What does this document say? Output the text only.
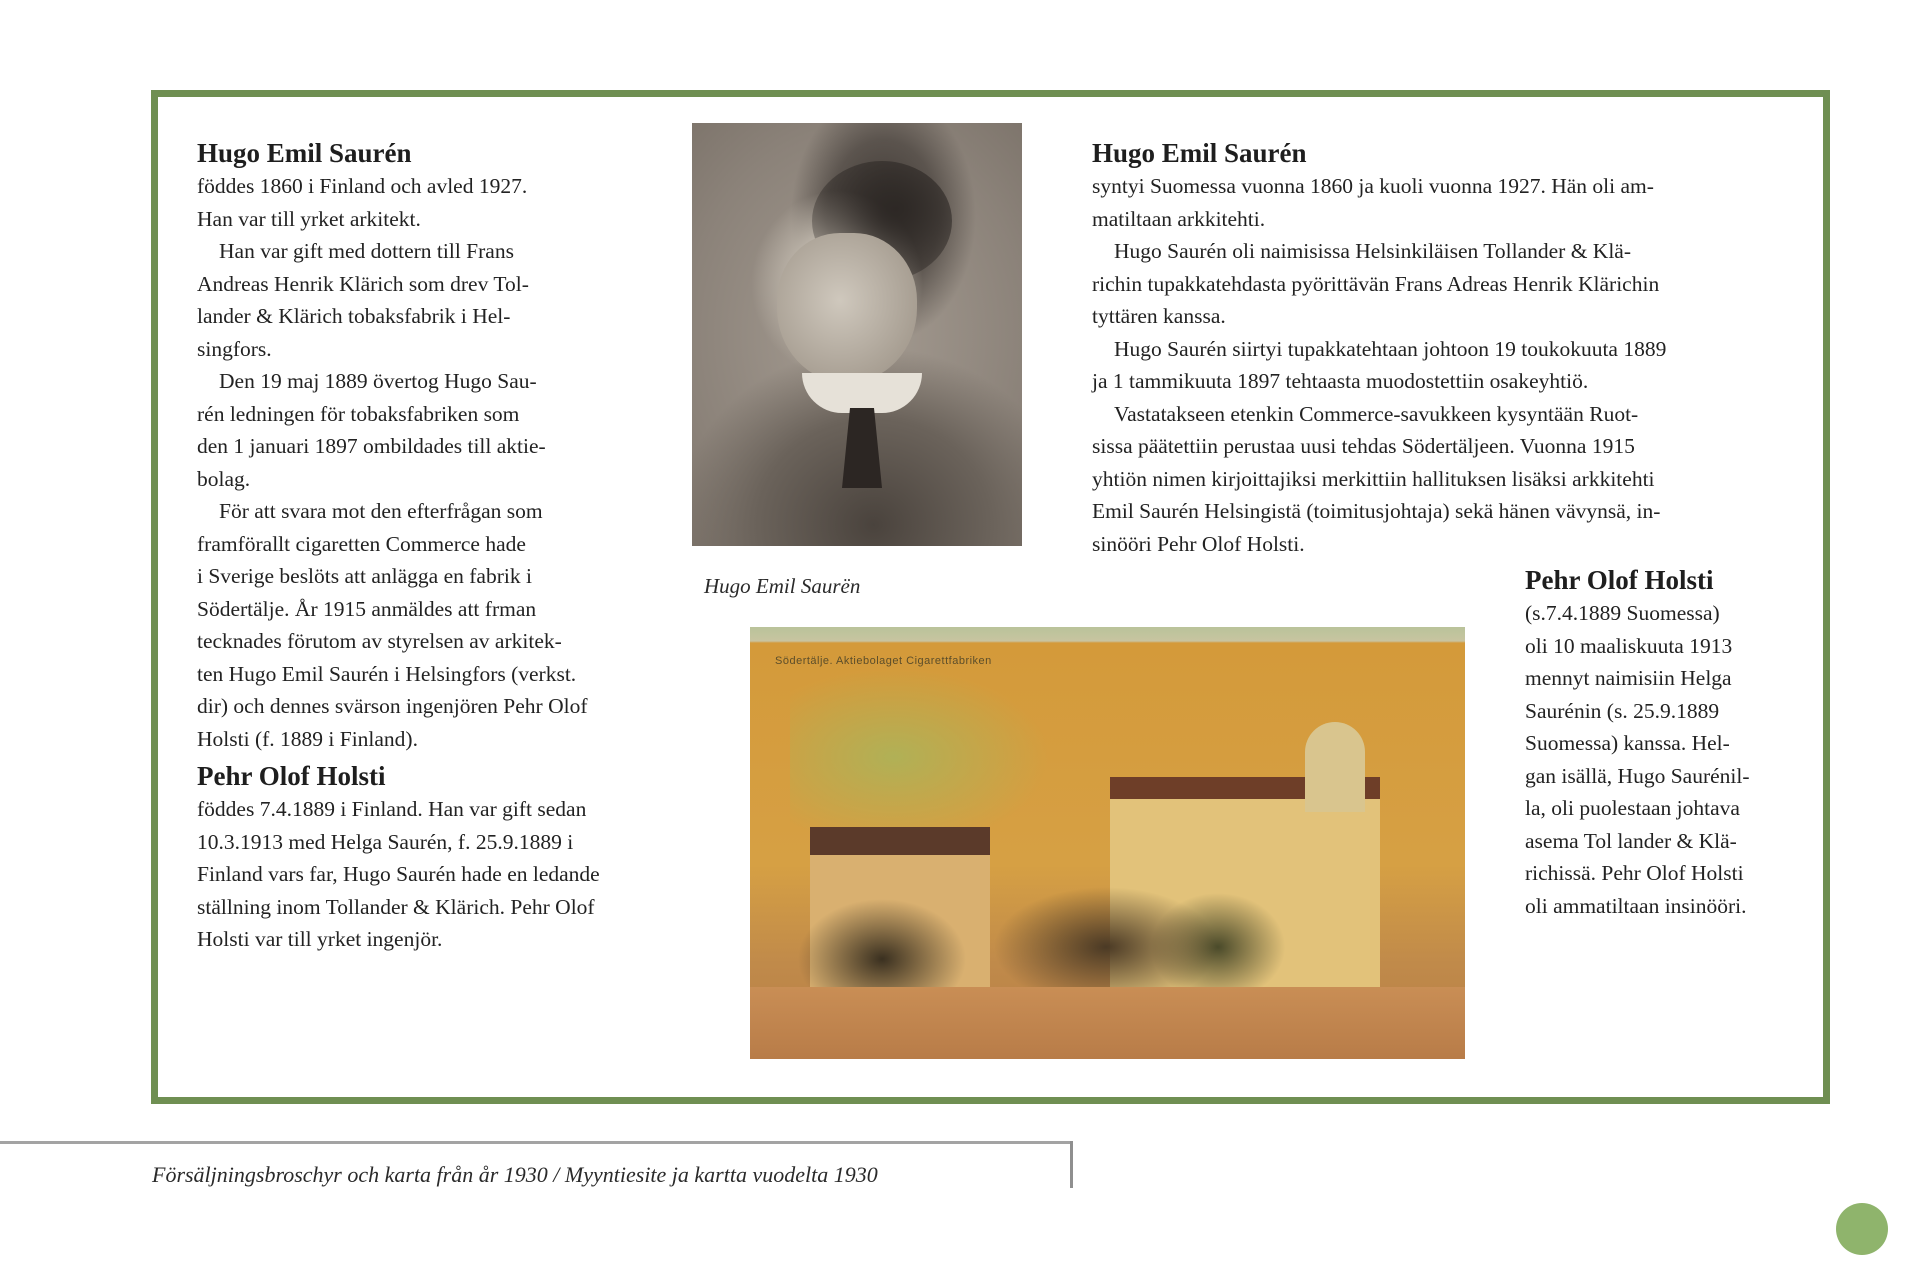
Hugo Emil Saurén
föddes 1860 i Finland och avled 1927.
Han var till yrket arkitekt.
Han var gift med dottern till Frans
Andreas Henrik Klärich som drev Tol-
lander & Klärich tobaksfabrik i Hel-
singfors.
Den 19 maj 1889 övertog Hugo Sau-
rén ledningen för tobaksfabriken som
den 1 januari 1897 ombildades till aktie-
bolag.
För att svara mot den efterfrågan som
framförallt cigaretten Commerce hade
i Sverige beslöts att anlägga en fabrik i
Södertälje. År 1915 anmäldes att frman
tecknades förutom av styrelsen av arkitek-
ten Hugo Emil Saurén i Helsingfors (verkst.
dir) och dennes svärson ingenjören Pehr Olof
Holsti (f. 1889 i Finland).
Pehr Olof Holsti
föddes 7.4.1889 i Finland. Han var gift sedan
10.3.1913 med Helga Saurén, f. 25.9.1889 i
Finland vars far, Hugo Saurén hade en ledande
ställning inom Tollander & Klärich. Pehr Olof
Holsti var till yrket ingenjör.
Hugo Emil Saurën
Hugo Emil Saurén
syntyi Suomessa vuonna 1860 ja kuoli vuonna 1927. Hän oli am-
matiltaan arkkitehti.
Hugo Saurén oli naimisissa Helsinkiläisen Tollander & Klä-
richin tupakkatehdasta pyörittävän Frans Adreas Henrik Klärichin
tyttären kanssa.
Hugo Saurén siirtyi tupakkatehtaan johtoon 19 toukokuuta 1889
ja 1 tammikuuta 1897 tehtaasta muodostettiin osakeyhtiö.
Vastatakseen etenkin Commerce-savukkeen kysyntään Ruot-
sissa päätettiin perustaa uusi tehdas Södertäljeen. Vuonna 1915
yhtiön nimen kirjoittajiksi merkittiin hallituksen lisäksi arkkitehti
Emil Saurén Helsingistä (toimitusjohtaja) sekä hänen vävynsä, in-
sinööri Pehr Olof Holsti.
Pehr Olof Holsti
(s.7.4.1889 Suomessa)
oli 10 maaliskuuta 1913
mennyt naimisiin Helga
Saurénin (s. 25.9.1889
Suomessa) kanssa. Hel-
gan isällä, Hugo Saurénil-
la, oli puolestaan johtava
asema Tol lander & Klä-
richissä. Pehr Olof Holsti
oli ammatiltaan insinööri.
Södertälje. Aktiebolaget Cigarettfabriken
Försäljningsbroschyr och karta från år 1930 / Myyntiesite ja kartta vuodelta 1930
